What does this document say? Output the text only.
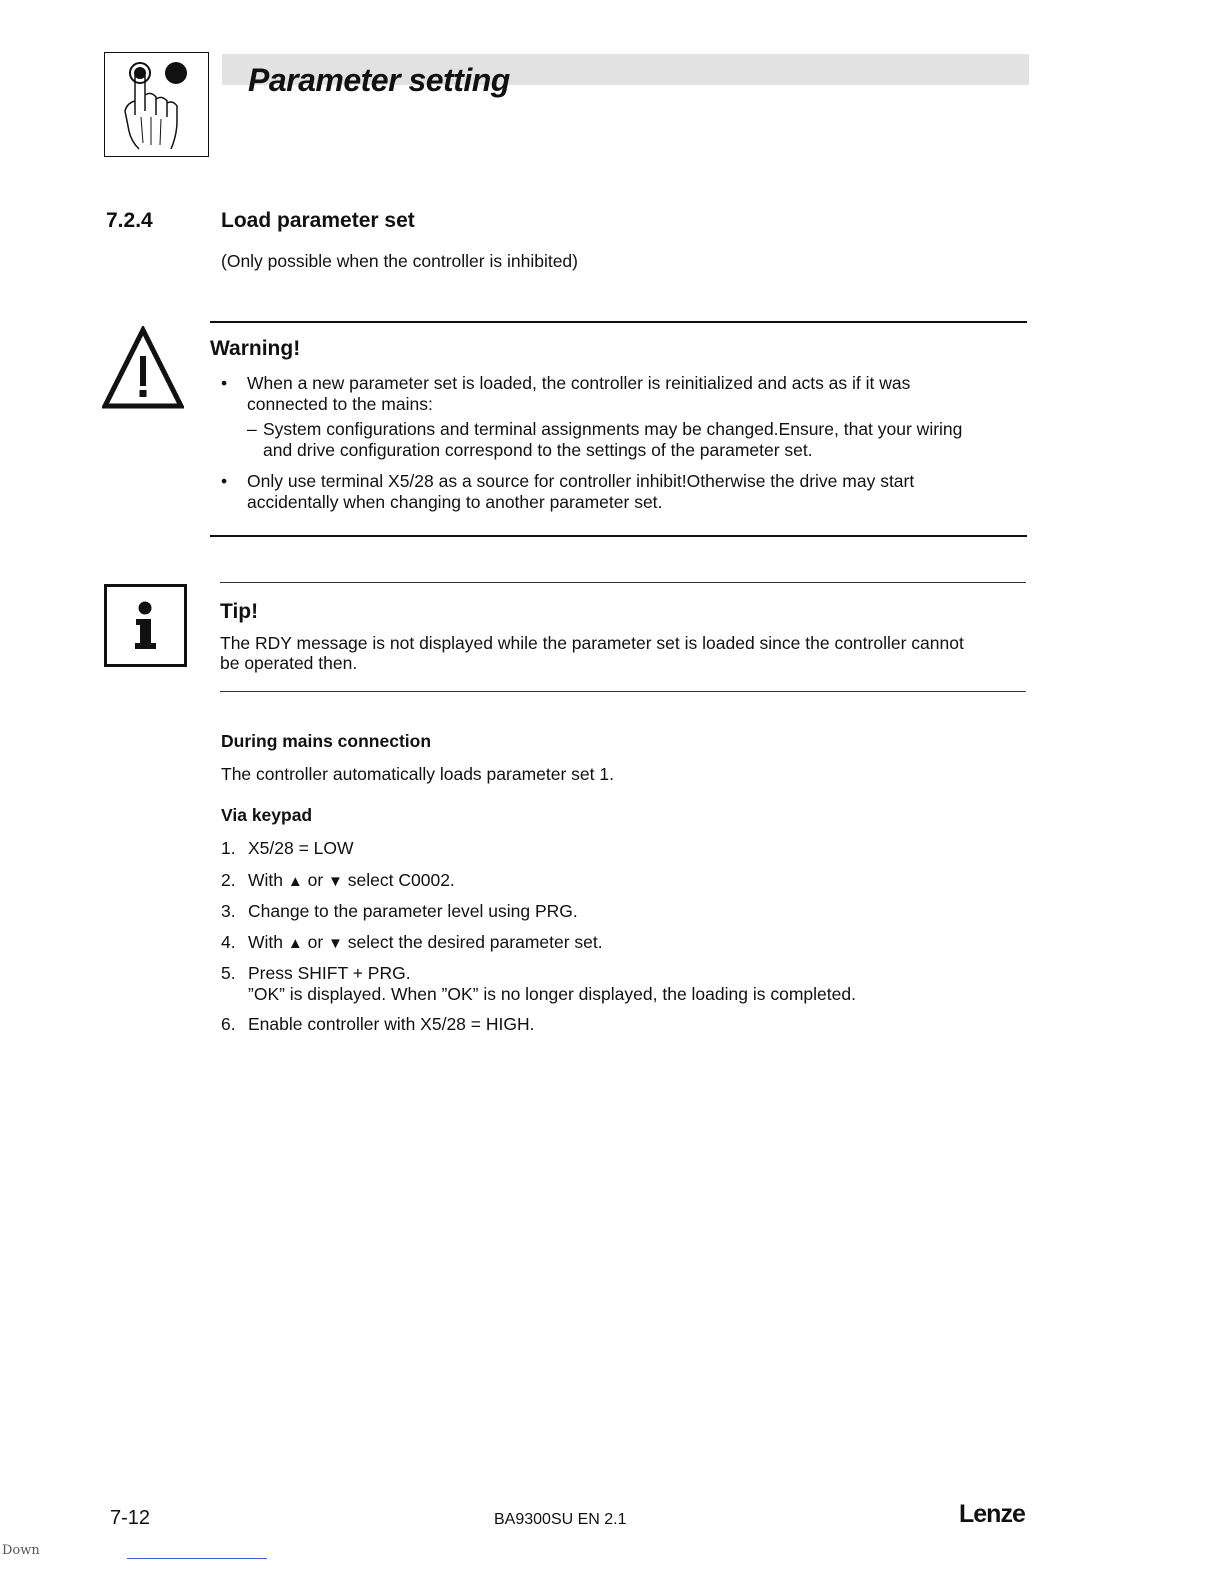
Parameter setting
7.2.4	Load parameter set
(Only possible when the controller is inhibited)
Warning!
• When a new parameter set is loaded, the controller is reinitialized and acts as if it was
connected to the mains:
– System configurations and terminal assignments may be changed.Ensure, that your wiring
and drive configuration correspond to the settings of the parameter set.
• Only use terminal X5/28 as a source for controller inhibit!Otherwise the drive may start
accidentally when changing to another parameter set.
Tip!
The RDY message is not displayed while the parameter set is loaded since the controller cannot
be operated then.
During mains connection
The controller automatically loads parameter set 1.
Via keypad
1. X5/28 = LOW
2. With ▲ or ▼ select C0002.
3. Change to the parameter level using PRG.
4. With ▲ or ▼ select the desired parameter set.
5. Press SHIFT + PRG.
”OK” is displayed. When ”OK” is no longer displayed, the loading is completed.
6. Enable controller with X5/28 = HIGH.
7-12	BA9300SU EN 2.1	Lenze
Down
